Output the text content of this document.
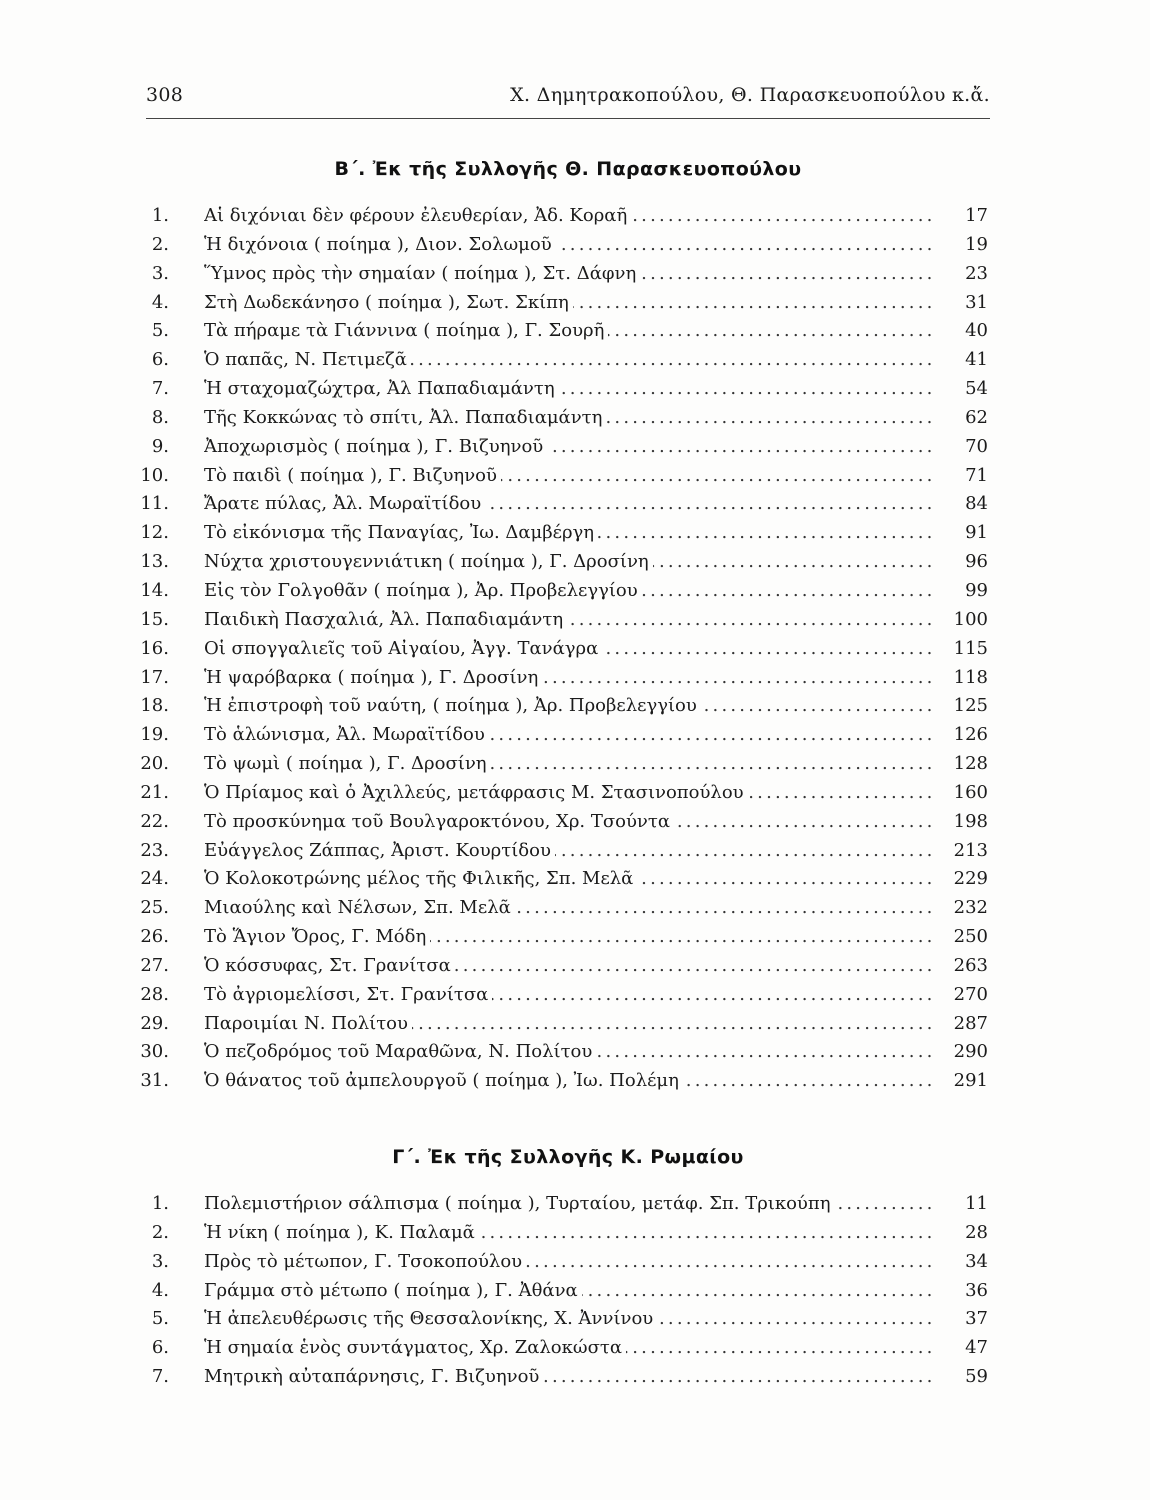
308	Χ. Δημητρακοπούλου, Θ. Παρασκευοπούλου κ.ἄ.
Β΄. Ἐκ τῆς Συλλογῆς Θ. Παρασκευοπούλου
1 .	Αἱ διχόνιαι δὲν φέρουν ἐλευθερίαν, Ἀδ. Κοραῆ .....	17
2 .	Ἡ διχόνοια ( ποίημα ), Διον. Σολωμοῦ .....	19
3 .	Ὕμνος πρὸς τὴν σημαίαν ( ποίημα ), Στ. Δάφνη .....	23
4 .	Στὴ Δωδεκάνησο ( ποίημα ), Σωτ. Σκίπη .....	31
5 .	Τὰ πήραμε τὰ Γιάννινα ( ποίημα ), Γ. Σουρῆ .....	40
6 .	Ὁ παπᾶς, Ν. Πετιμεζᾶ .....	41
7 .	Ἡ σταχομαζώχτρα, Ἀλ Παπαδιαμάντη .....	54
8 .	Τῆς Κοκκώνας τὸ σπίτι, Ἀλ. Παπαδιαμάντη .....	62
9 .	Ἀποχωρισμὸς ( ποίημα ), Γ. Βιζυηνοῦ .....	70
10 .	Τὸ παιδὶ ( ποίημα ), Γ. Βιζυηνοῦ .....	71
11 .	Ἄρατε πύλας, Ἀλ. Μωραϊτίδου .....	84
12 .	Τὸ εἰκόνισμα τῆς Παναγίας, Ἰω. Δαμβέργη .....	91
13 .	Νύχτα χριστουγεννιάτικη ( ποίημα ), Γ. Δροσίνη .....	96
14 .	Εἰς τὸν Γολγοθᾶν ( ποίημα ), Ἀρ. Προβελεγγίου .....	99
15 .	Παιδικὴ Πασχαλιά, Ἀλ. Παπαδιαμάντη .....	100
16 .	Οἱ σπογγαλιεῖς τοῦ Αἰγαίου, Ἀγγ. Τανάγρα .....	115
17 .	Ἡ ψαρόβαρκα ( ποίημα ), Γ. Δροσίνη .....	118
18 .	Ἡ ἐπιστροφὴ τοῦ ναύτη, ( ποίημα ), Ἀρ. Προβελεγγίου .....	125
19 .	Τὸ ἁλώνισμα, Ἀλ. Μωραϊτίδου .....	126
20 .	Τὸ ψωμὶ ( ποίημα ), Γ. Δροσίνη .....	128
21 .	Ὁ Πρίαμος καὶ ὁ Ἀχιλλεύς, μετάφρασις Μ. Στασινοπούλου .....	160
22 .	Τὸ προσκύνημα τοῦ Βουλγαροκτόνου, Χρ. Τσούντα .....	198
23 .	Εὐάγγελος Ζάππας, Ἀριστ. Κουρτίδου .....	213
24 .	Ὁ Κολοκοτρώνης μέλος τῆς Φιλικῆς, Σπ. Μελᾶ .....	229
25 .	Μιαούλης καὶ Νέλσων, Σπ. Μελᾶ .....	232
26 .	Τὸ Ἅγιον Ὄρος, Γ. Μόδη .....	250
27 .	Ὁ κόσσυφας, Στ. Γρανίτσα .....	263
28 .	Τὸ ἀγριομελίσσι, Στ. Γρανίτσα .....	270
29 .	Παροιμίαι Ν. Πολίτου .....	287
30 .	Ὁ πεζοδρόμος τοῦ Μαραθῶνα, Ν. Πολίτου .....	290
31 .	Ὁ θάνατος τοῦ ἀμπελουργοῦ ( ποίημα ), Ἰω. Πολέμη .....	291
Γ΄. Ἐκ τῆς Συλλογῆς Κ. Ρωμαίου
1 .	Πολεμιστήριον σάλπισμα ( ποίημα ), Τυρταίου, μετάφ. Σπ. Τρικούπη .....	11
2 .	Ἡ νίκη ( ποίημα ), Κ. Παλαμᾶ .....	28
3 .	Πρὸς τὸ μέτωπον, Γ. Τσοκοπούλου .....	34
4 .	Γράμμα στὸ μέτωπο ( ποίημα ), Γ. Ἀθάνα .....	36
5 .	Ἡ ἀπελευθέρωσις τῆς Θεσσαλονίκης, Χ. Ἀννίνου .....	37
6 .	Ἡ σημαία ἑνὸς συντάγματος, Χρ. Ζαλοκώστα .....	47
7 .	Μητρικὴ αὐταπάρνησις, Γ. Βιζυηνοῦ .....	59
